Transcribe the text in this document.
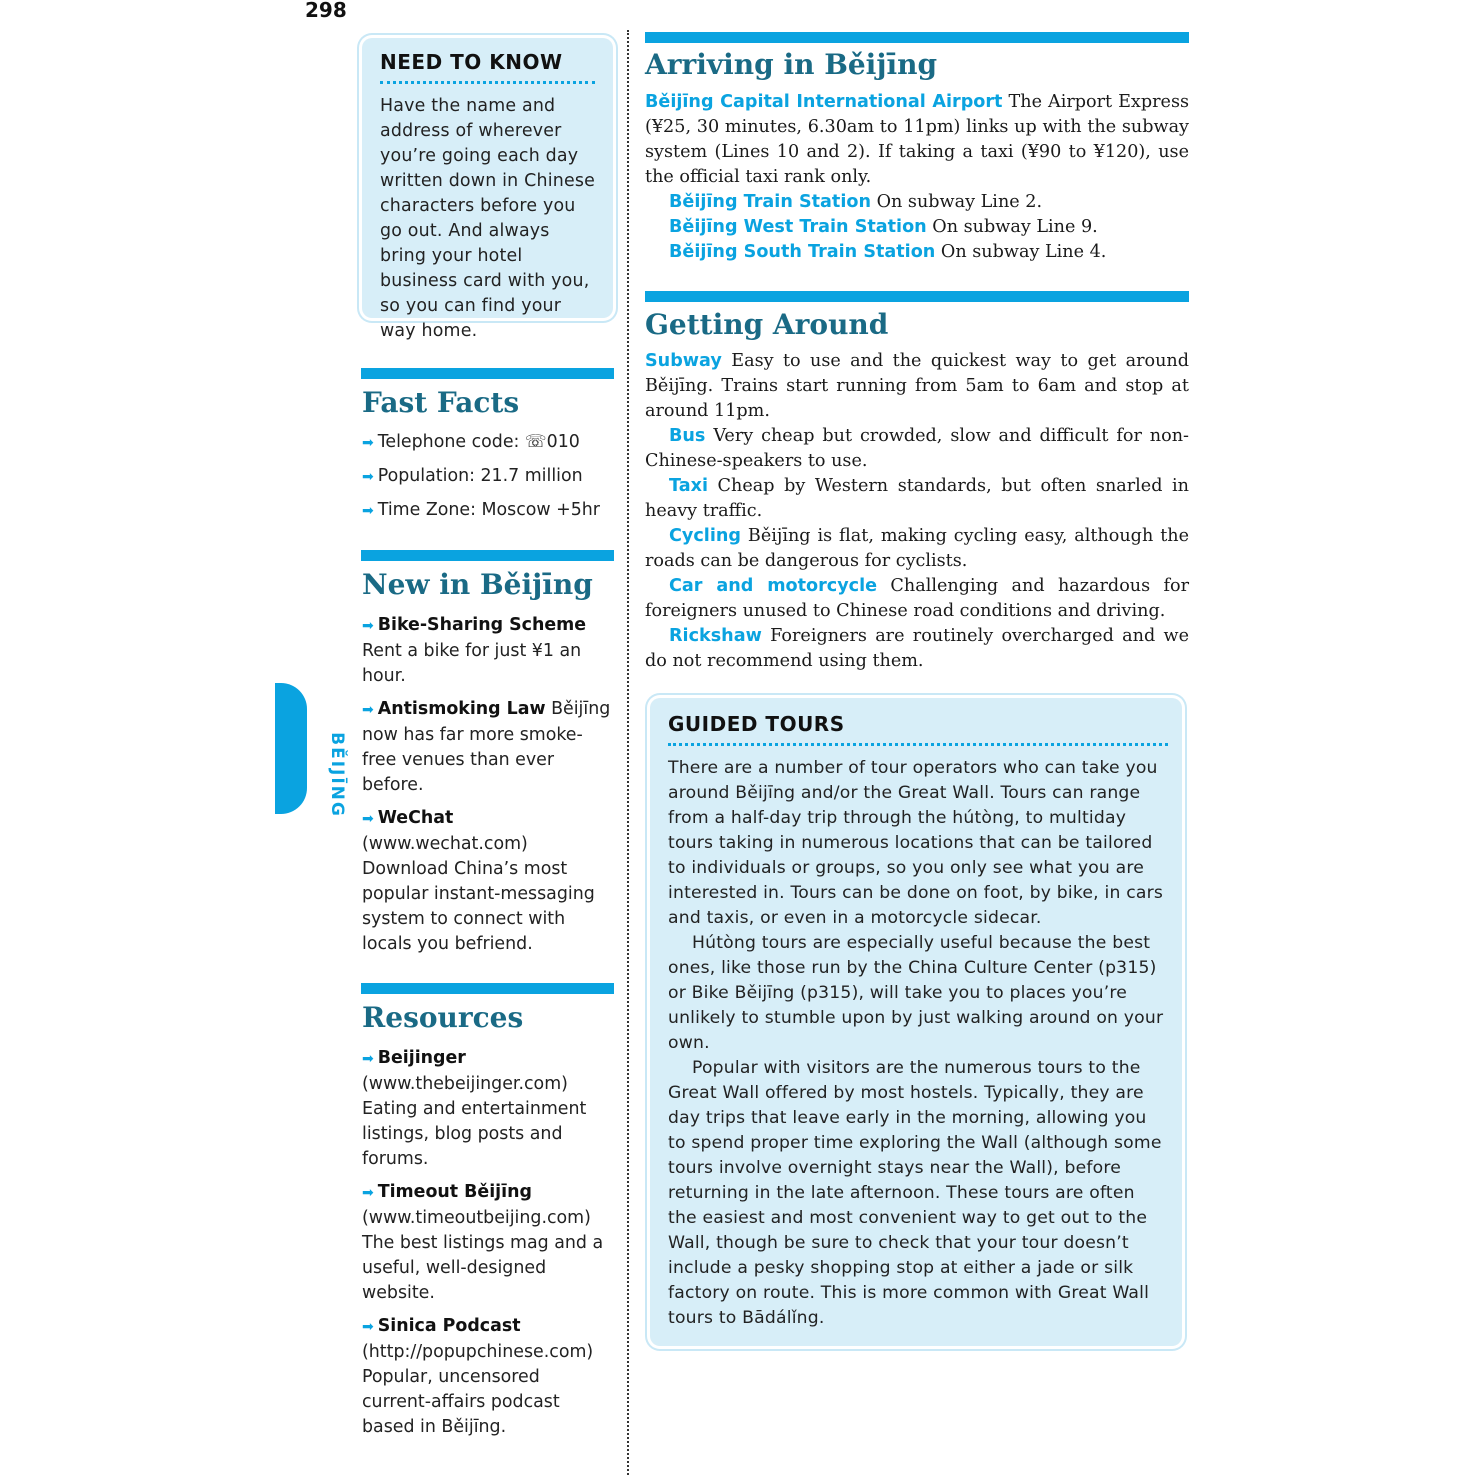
298
BĚIJĪNG
NEED TO KNOW

Have the name and address of wherever you’re going each day written down in Chinese characters before you go out. And always bring your hotel business card with you, so you can find your way home.

Fast Facts
➡ Telephone code: ☏010
➡ Population: 21.7 million
➡ Time Zone: Moscow +5hr
New in Běijīng
➡ Bike-Sharing Scheme Rent a bike for just ¥1 an hour.
➡ Antismoking Law Běijīng now has far more smoke-free venues than ever before.
➡ WeChat (www.wechat.com) Download China’s most popular instant-messaging system to connect with locals you befriend.
Resources
➡ Beijinger (www.thebeijinger.com) Eating and entertainment listings, blog posts and forums.
➡ Timeout Běijīng (www.timeoutbeijing.com) The best listings mag and a useful, well-designed website.
➡ Sinica Podcast (http://popupchinese.com) Popular, uncensored current-affairs podcast based in Běijīng.
Arriving in Běijīng

Běijīng Capital International Airport The Airport Express (¥25, 30 minutes, 6.30am to 11pm) links up with the subway system (Lines 10 and 2). If taking a taxi (¥90 to ¥120), use the official taxi rank only.

Běijīng Train Station On subway Line 2.

Běijīng West Train Station On subway Line 9.

Běijīng South Train Station On subway Line 4.

Getting Around

Subway Easy to use and the quickest way to get around Běijīng. Trains start running from 5am to 6am and stop at around 11pm.

Bus Very cheap but crowded, slow and difficult for non-Chinese-speakers to use.

Taxi Cheap by Western standards, but often snarled in heavy traffic.

Cycling Běijīng is flat, making cycling easy, although the roads can be dangerous for cyclists.

Car and motorcycle Challenging and hazardous for foreigners unused to Chinese road conditions and driving.

Rickshaw Foreigners are routinely overcharged and we do not recommend using them.

GUIDED TOURS

There are a number of tour operators who can take you around Běijīng and/or the Great Wall. Tours can range from a half-day trip through the hútòng, to multiday tours taking in numerous locations that can be tailored to individuals or groups, so you only see what you are interested in. Tours can be done on foot, by bike, in cars and taxis, or even in a motorcycle sidecar.

Hútòng tours are especially useful because the best ones, like those run by the China Culture Center (p315) or Bike Běijīng (p315), will take you to places you’re unlikely to stumble upon by just walking around on your own.

Popular with visitors are the numerous tours to the Great Wall offered by most hostels. Typically, they are day trips that leave early in the morning, allowing you to spend proper time exploring the Wall (although some tours involve overnight stays near the Wall), before returning in the late afternoon. These tours are often the easiest and most convenient way to get out to the Wall, though be sure to check that your tour doesn’t include a pesky shopping stop at either a jade or silk factory on route. This is more common with Great Wall tours to Bādálǐng.
